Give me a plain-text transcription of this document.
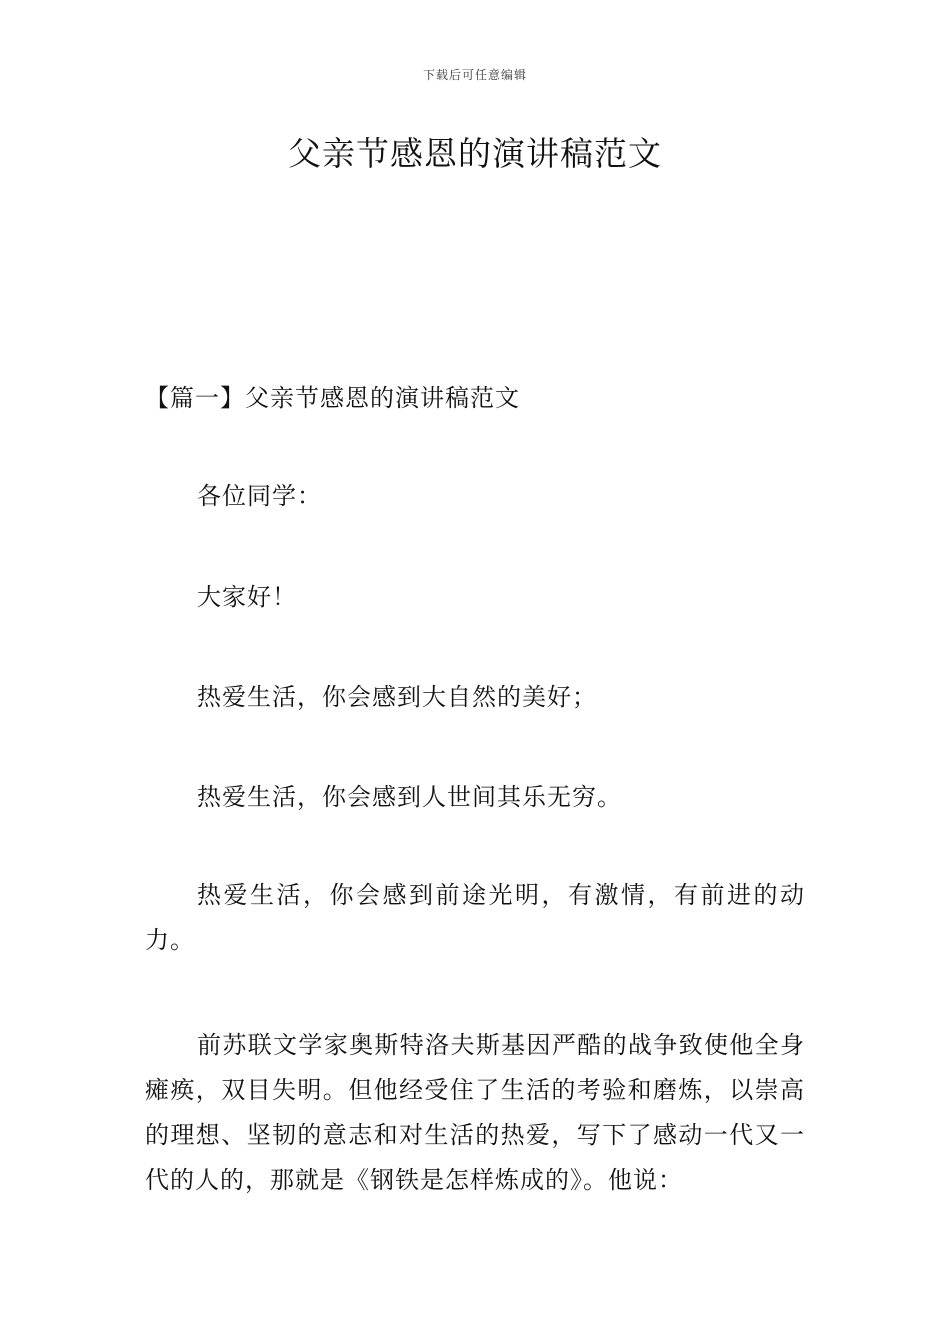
下载后可任意编辑
父亲节感恩的演讲稿范文

【篇一】父亲节感恩的演讲稿范文

各位同学：

大家好！

热爱生活，你会感到大自然的美好；

热爱生活，你会感到人世间其乐无穷。

热爱生活，你会感到前途光明，有激情，有前进的动力。

前苏联文学家奥斯特洛夫斯基因严酷的战争致使他全身瘫痪，双目失明。但他经受住了生活的考验和磨炼，以崇高的理想、坚韧的意志和对生活的热爱，写下了感动一代又一代的人的，那就是《钢铁是怎样炼成的》。他说：
